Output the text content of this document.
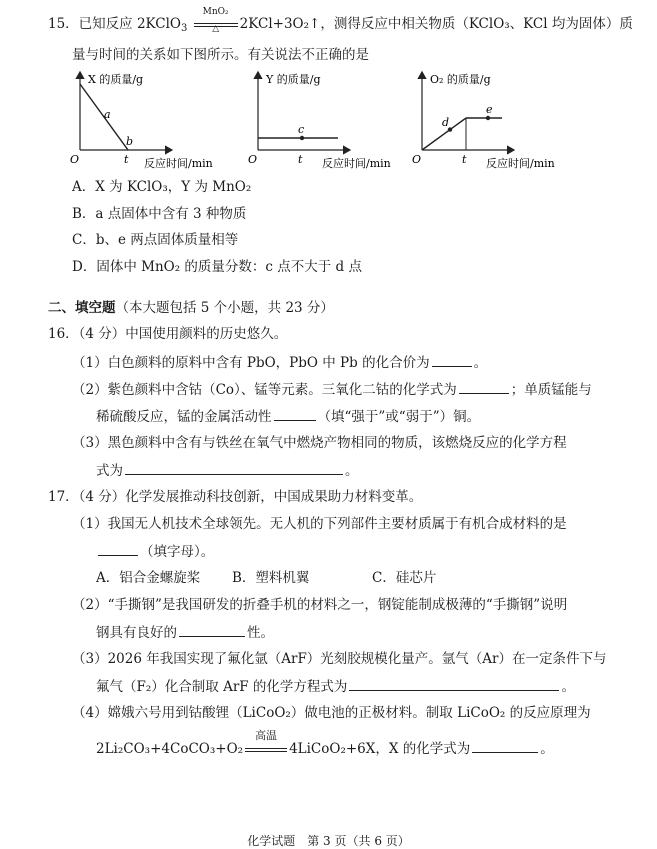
15．已知反应 2KClO$_3$
MnO₂
△	2KCl+3O₂↑，测得反应中相关物质（KClO₃、KCl 均为固体）质
量与时间的关系如下图所示。有关说法不正确的是
X 的质量/g
a
b
O	t 反应时间/min
Y 的质量/g
c
O	t 反应时间/min
O₂ 的质量/g
d
e
O	t 反应时间/min
A．X 为 KClO₃，Y 为 MnO₂
B．a 点固体中含有 3 种物质
C．b、e 两点固体质量相等
D．固体中 MnO₂ 的质量分数：c 点不大于 d 点
二、填空题（本大题包括 5 个小题，共 23 分）
16．（4 分）中国使用颜料的历史悠久。
（1）白色颜料的原料中含有 PbO，PbO 中 Pb 的化合价为	。
（2）紫色颜料中含钴（Co）、锰等元素。三氧化二钴的化学式为	；单质锰能与
稀硫酸反应，锰的金属活动性	（填“强于”或“弱于”）铜。
（3）黑色颜料中含有与铁丝在氧气中燃烧产物相同的物质，该燃烧反应的化学方程
式为	。
17．（4 分）化学发展推动科技创新，中国成果助力材料变革。
（1）我国无人机技术全球领先。无人机的下列部件主要材质属于有机合成材料的是
（填字母）。
A．铝合金螺旋桨 B．塑料机翼	C．硅芯片
（2）“手撕钢”是我国研发的折叠手机的材料之一，钢锭能制成极薄的“手撕钢”说明
钢具有良好的	性。
（3）2026 年我国实现了氟化氩（ArF）光刻胶规模化量产。氩气（Ar）在一定条件下与
氟气（F₂）化合制取 ArF 的化学方程式为	。
（4）嫦娥六号用到钴酸锂（LiCoO₂）做电池的正极材料。制取 LiCoO₂ 的反应原理为
2Li₂CO₃+4CoCO₃+O₂
高温
4LiCoO₂+6X，X 的化学式为	。
化学试题　第 3 页（共 6 页）
